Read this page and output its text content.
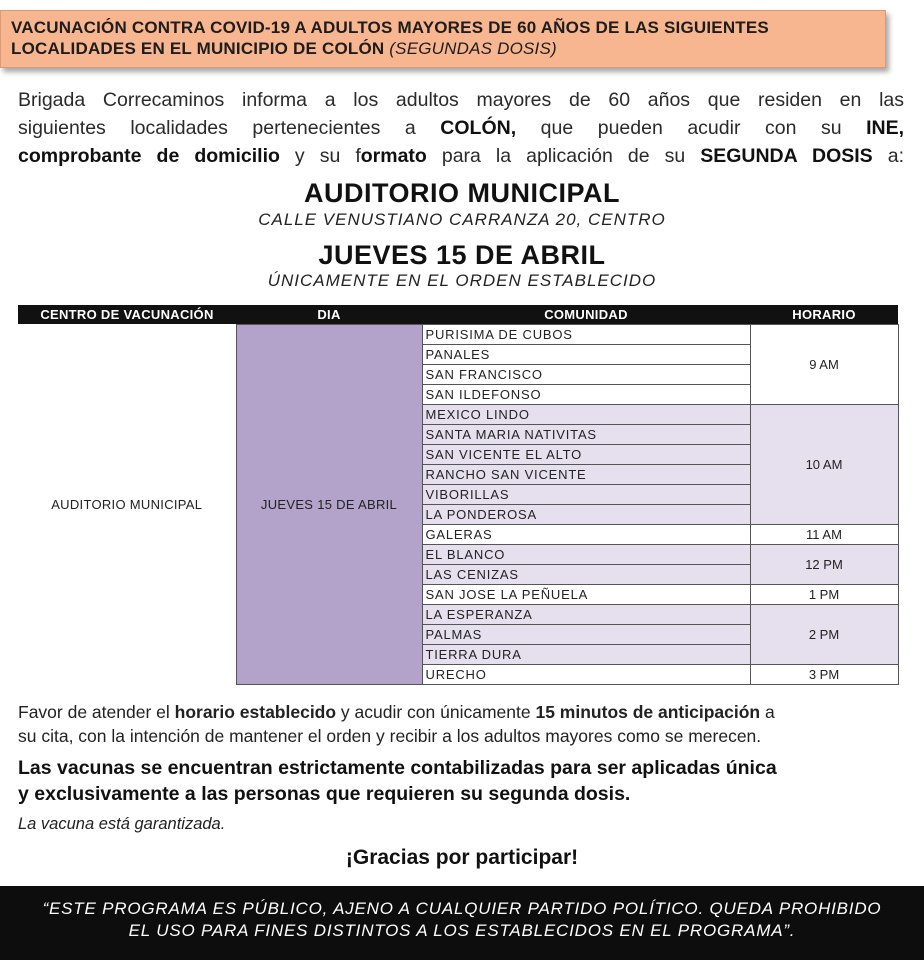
VACUNACIÓN CONTRA COVID-19 A ADULTOS MAYORES DE 60 AÑOS DE LAS SIGUIENTES
LOCALIDADES EN EL MUNICIPIO DE COLÓN (SEGUNDAS DOSIS)
Brigada Correcaminos informa a los adultos mayores de 60 años que residen en las
siguientes localidades pertenecientes a COLÓN, que pueden acudir con su INE,
comprobante de domicilio y su formato para la aplicación de su SEGUNDA DOSIS a:
AUDITORIO MUNICIPAL
CALLE VENUSTIANO CARRANZA 20, CENTRO
JUEVES 15 DE ABRIL
ÚNICAMENTE EN EL ORDEN ESTABLECIDO
CENTRO DE VACUNACIÓN	DIA	COMUNIDAD	HORARIO
AUDITORIO MUNICIPAL	JUEVES 15 DE ABRIL	PURISIMA DE CUBOS	9 AM
		PANALES	
		SAN FRANCISCO	
		SAN ILDEFONSO	
		MEXICO LINDO	10 AM
		SANTA MARIA NATIVITAS	
		SAN VICENTE EL ALTO	
		RANCHO SAN VICENTE	
		VIBORILLAS	
		LA PONDEROSA	
		GALERAS	11 AM
		EL BLANCO	12 PM
		LAS CENIZAS	
		SAN JOSE LA PEÑUELA	1 PM
		LA ESPERANZA	2 PM
		PALMAS	
		TIERRA DURA	
		URECHO	3 PM
Favor de atender el horario establecido y acudir con únicamente 15 minutos de anticipación a
su cita, con la intención de mantener el orden y recibir a los adultos mayores como se merecen.
Las vacunas se encuentran estrictamente contabilizadas para ser aplicadas única
y exclusivamente a las personas que requieren su segunda dosis.
La vacuna está garantizada.
¡Gracias por participar!
“ESTE PROGRAMA ES PÚBLICO, AJENO A CUALQUIER PARTIDO POLÍTICO. QUEDA PROHIBIDO
EL USO PARA FINES DISTINTOS A LOS ESTABLECIDOS EN EL PROGRAMA”.
